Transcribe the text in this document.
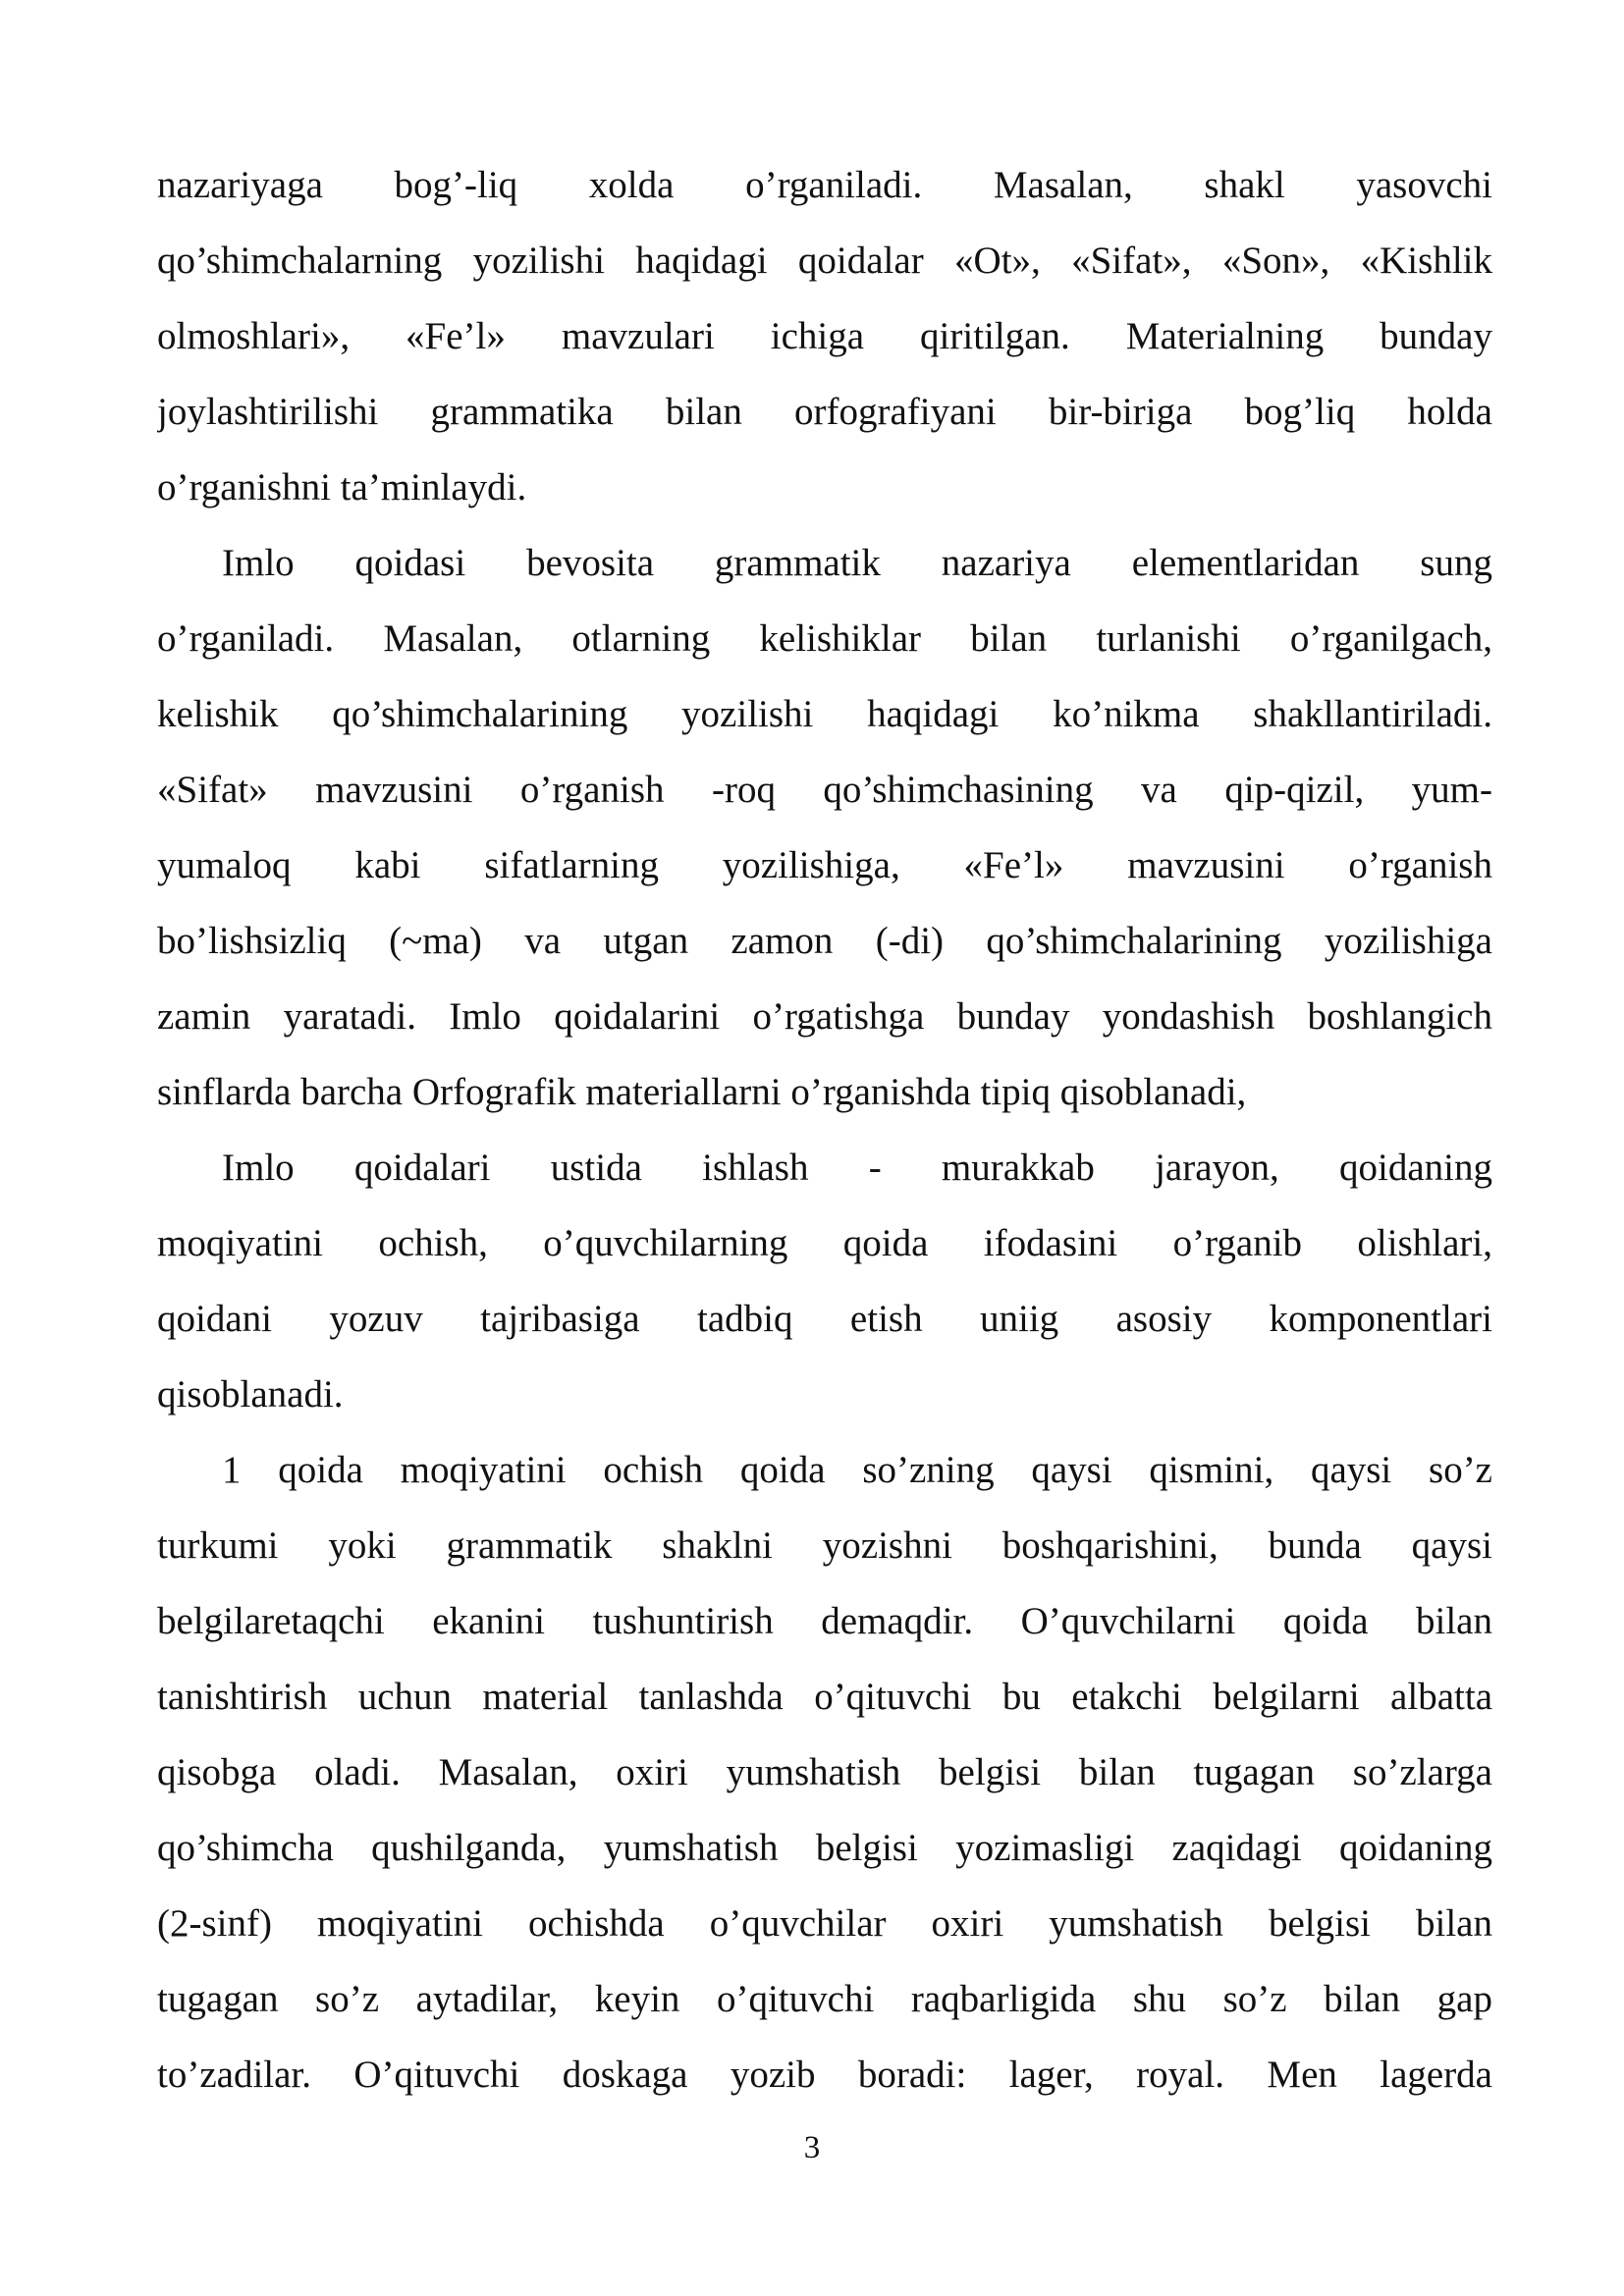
nazariyaga bog’-liq xolda o’rganiladi. Masalan, shakl yasovchi
qo’shimchalarning yozilishi haqidagi qoidalar «Ot», «Sifat», «Son», «Kishlik
olmoshlari», «Fe’l» mavzulari ichiga qiritilgan. Materialning bunday
joylashtirilishi grammatika bilan orfografiyani bir-biriga bog’liq holda
o’rganishni ta’minlaydi.
Imlo qoidasi bevosita grammatik nazariya elementlaridan sung
o’rganiladi. Masalan, otlarning kelishiklar bilan turlanishi o’rganilgach,
kelishik qo’shimchalarining yozilishi haqidagi ko’nikma shakllantiriladi.
«Sifat» mavzusini o’rganish -roq qo’shimchasining va qip-qizil, yum-
yumaloq kabi sifatlarning yozilishiga, «Fe’l» mavzusini o’rganish
bo’lishsizliq (~ma) va utgan zamon (-di) qo’shimchalarining yozilishiga
zamin yaratadi. Imlo qoidalarini o’rgatishga bunday yondashish boshlangich
sinflarda barcha Orfografik materiallarni o’rganishda tipiq qisoblanadi,
Imlo qoidalari ustida ishlash - murakkab jarayon, qoidaning
moqiyatini ochish, o’quvchilarning qoida ifodasini o’rganib olishlari,
qoidani yozuv tajribasiga tadbiq etish uniig asosiy komponentlari
qisoblanadi.
1 qoida moqiyatini ochish qoida so’zning qaysi qismini, qaysi so’z
turkumi yoki grammatik shaklni yozishni boshqarishini, bunda qaysi
belgilaretaqchi ekanini tushuntirish demaqdir. O’quvchilarni qoida bilan
tanishtirish uchun material tanlashda o’qituvchi bu etakchi belgilarni albatta
qisobga oladi. Masalan, oxiri yumshatish belgisi bilan tugagan so’zlarga
qo’shimcha qushilganda, yumshatish belgisi yozimasligi zaqidagi qoidaning
(2-sinf) moqiyatini ochishda o’quvchilar oxiri yumshatish belgisi bilan
tugagan so’z aytadilar, keyin o’qituvchi raqbarligida shu so’z bilan gap
to’zadilar. O’qituvchi doskaga yozib boradi: lager, royal. Men lagerda
3
